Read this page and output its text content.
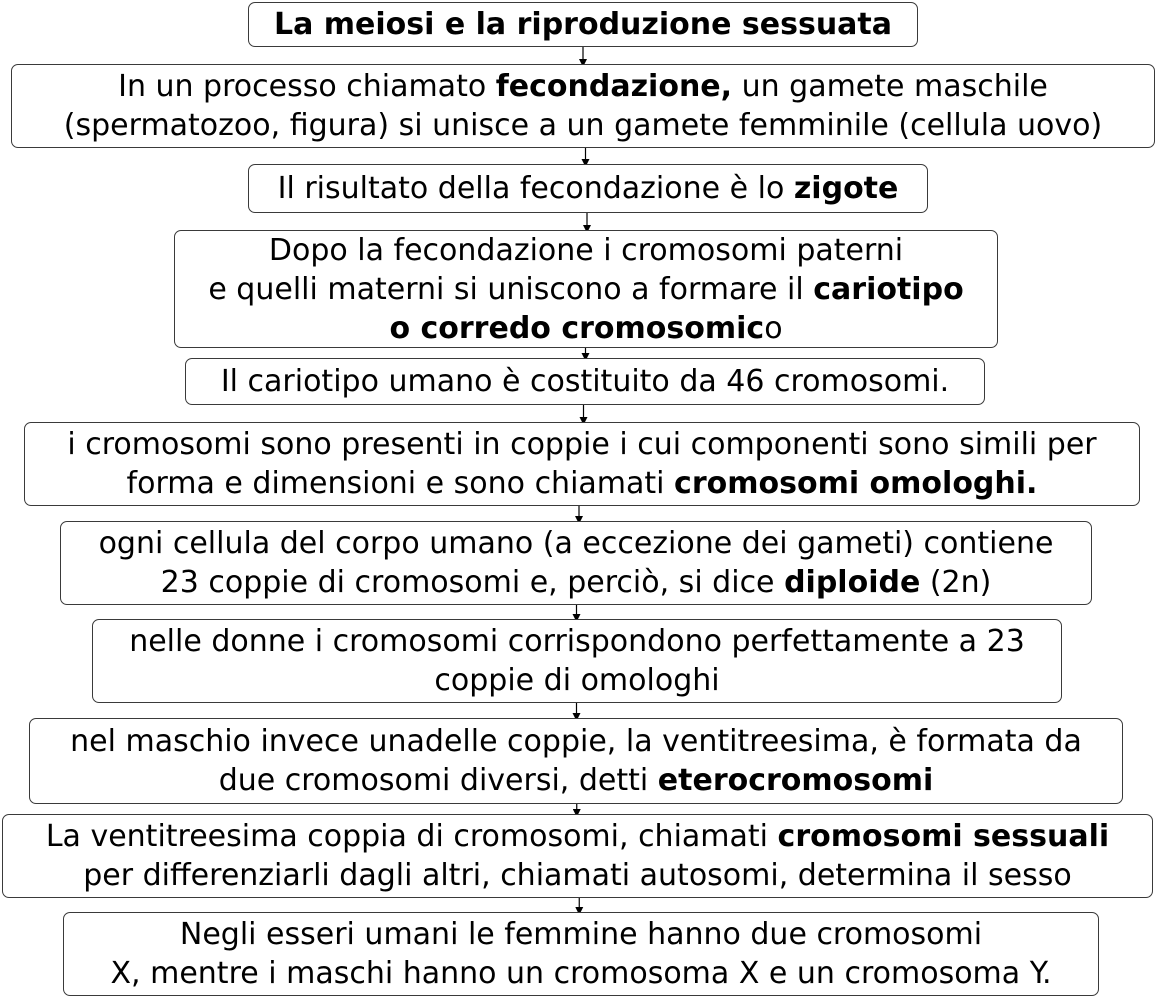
La meiosi e la riproduzione sessuata
In un processo chiamato fecondazione, un gamete maschile
(spermatozoo, figura) si unisce a un gamete femminile (cellula uovo)
Il risultato della fecondazione è lo zigote
Dopo la fecondazione i cromosomi paterni
e quelli materni si uniscono a formare il cariotipo
o corredo cromosomico
Il cariotipo umano è costituito da 46 cromosomi.
i cromosomi sono presenti in coppie i cui componenti sono simili per
forma e dimensioni e sono chiamati cromosomi omologhi.
ogni cellula del corpo umano (a eccezione dei gameti) contiene
23 coppie di cromosomi e, perciò, si dice diploide (2n)
nelle donne i cromosomi corrispondono perfettamente a 23
coppie di omologhi
nel maschio invece unadelle coppie, la ventitreesima, è formata da
due cromosomi diversi, detti eterocromosomi
La ventitreesima coppia di cromosomi, chiamati cromosomi sessuali
per differenziarli dagli altri, chiamati autosomi, determina il sesso
Negli esseri umani le femmine hanno due cromosomi
X, mentre i maschi hanno un cromosoma X e un cromosoma Y.
